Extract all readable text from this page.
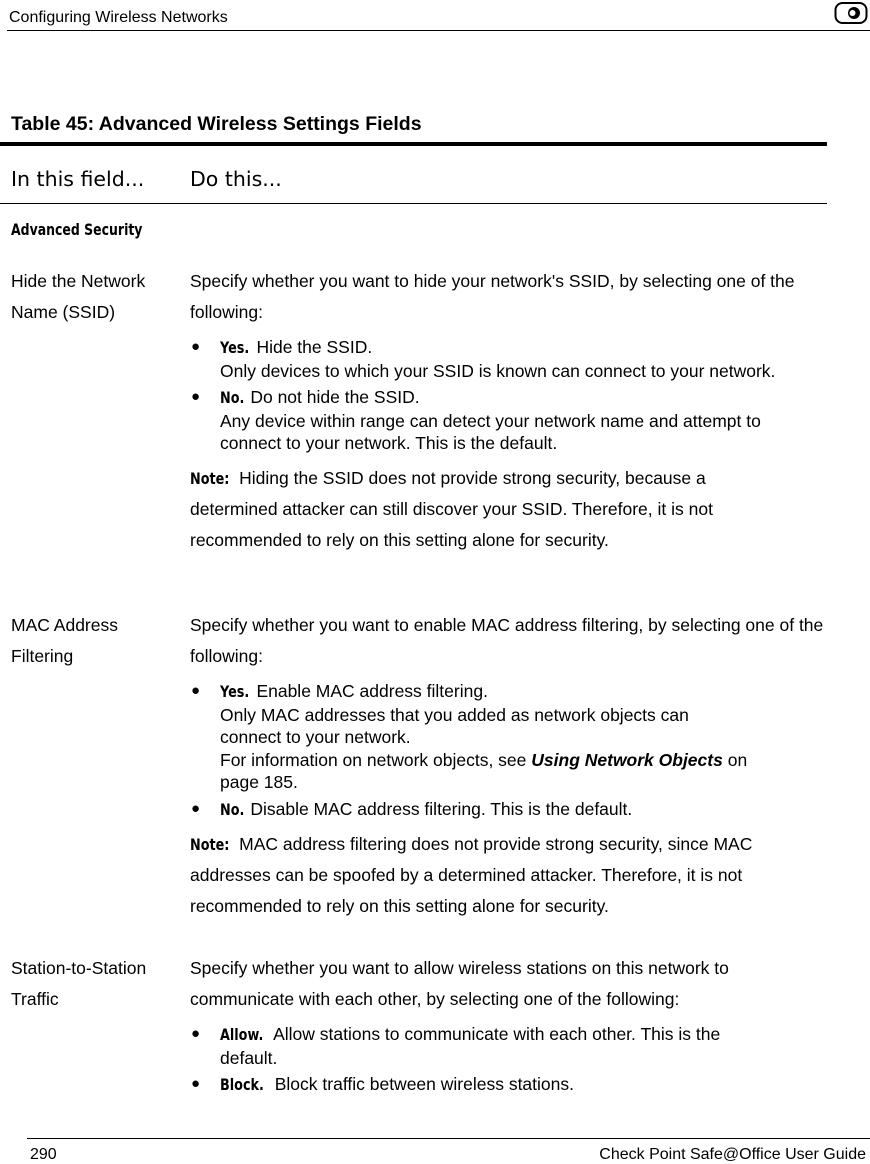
Configuring Wireless Networks
Table 45: Advanced Wireless Settings Fields
In this field... Do this...
Advanced Security
Hide the Network
Name (SSID)

Specify whether you want to hide your network's SSID, by selecting one of the following:

● Yes. Hide the SSID.
Only devices to which your SSID is known can connect to your network.
● No. Do not hide the SSID.
Any device within range can detect your network name and attempt to connect to your network. This is the default.

Note: Hiding the SSID does not provide strong security, because a determined attacker can still discover your SSID. Therefore, it is not recommended to rely on this setting alone for security.

MAC Address
Filtering

Specify whether you want to enable MAC address filtering, by selecting one of the following:

● Yes. Enable MAC address filtering.
Only MAC addresses that you added as network objects can connect to your network.
For information on network objects, see Using Network Objects on page 185.
● No. Disable MAC address filtering. This is the default.

Note: MAC address filtering does not provide strong security, since MAC addresses can be spoofed by a determined attacker. Therefore, it is not recommended to rely on this setting alone for security.

Station-to-Station
Traffic

Specify whether you want to allow wireless stations on this network to communicate with each other, by selecting one of the following:

● Allow. Allow stations to communicate with each other. This is the default.
● Block. Block traffic between wireless stations.
290	Check Point Safe@Office User Guide
